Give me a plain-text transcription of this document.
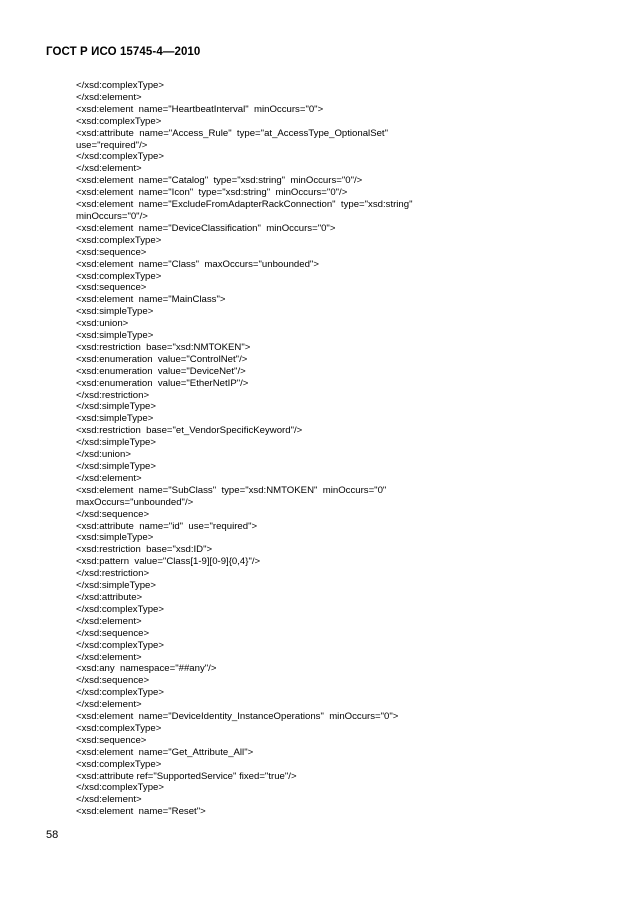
ГОСТ Р ИСО 15745-4—2010
</xsd:complexType>
</xsd:element>
<xsd:element  name="HeartbeatInterval"  minOccurs="0">
<xsd:complexType>
<xsd:attribute  name="Access_Rule"  type="at_AccessType_OptionalSet"
use="required"/>
</xsd:complexType>
</xsd:element>
<xsd:element  name="Catalog"  type="xsd:string"  minOccurs="0"/>
<xsd:element  name="Icon"  type="xsd:string"  minOccurs="0"/>
<xsd:element  name="ExcludeFromAdapterRackConnection"  type="xsd:string"
minOccurs="0"/>
<xsd:element  name="DeviceClassification"  minOccurs="0">
<xsd:complexType>
<xsd:sequence>
<xsd:element  name="Class"  maxOccurs="unbounded">
<xsd:complexType>
<xsd:sequence>
<xsd:element  name="MainClass">
<xsd:simpleType>
<xsd:union>
<xsd:simpleType>
<xsd:restriction  base="xsd:NMTOKEN">
<xsd:enumeration  value="ControlNet"/>
<xsd:enumeration  value="DeviceNet"/>
<xsd:enumeration  value="EtherNetIP"/>
</xsd:restriction>
</xsd:simpleType>
<xsd:simpleType>
<xsd:restriction  base="et_VendorSpecificKeyword"/>
</xsd:simpleType>
</xsd:union>
</xsd:simpleType>
</xsd:element>
<xsd:element  name="SubClass"  type="xsd:NMTOKEN"  minOccurs="0"
maxOccurs="unbounded"/>
</xsd:sequence>
<xsd:attribute  name="id"  use="required">
<xsd:simpleType>
<xsd:restriction  base="xsd:ID">
<xsd:pattern  value="Class[1-9][0-9]{0,4}"/>
</xsd:restriction>
</xsd:simpleType>
</xsd:attribute>
</xsd:complexType>
</xsd:element>
</xsd:sequence>
</xsd:complexType>
</xsd:element>
<xsd:any  namespace="##any"/>
</xsd:sequence>
</xsd:complexType>
</xsd:element>
<xsd:element  name="DeviceIdentity_InstanceOperations"  minOccurs="0">
<xsd:complexType>
<xsd:sequence>
<xsd:element  name="Get_Attribute_All">
<xsd:complexType>
<xsd:attribute ref="SupportedService" fixed="true"/>
</xsd:complexType>
</xsd:element>
<xsd:element  name="Reset">
58
